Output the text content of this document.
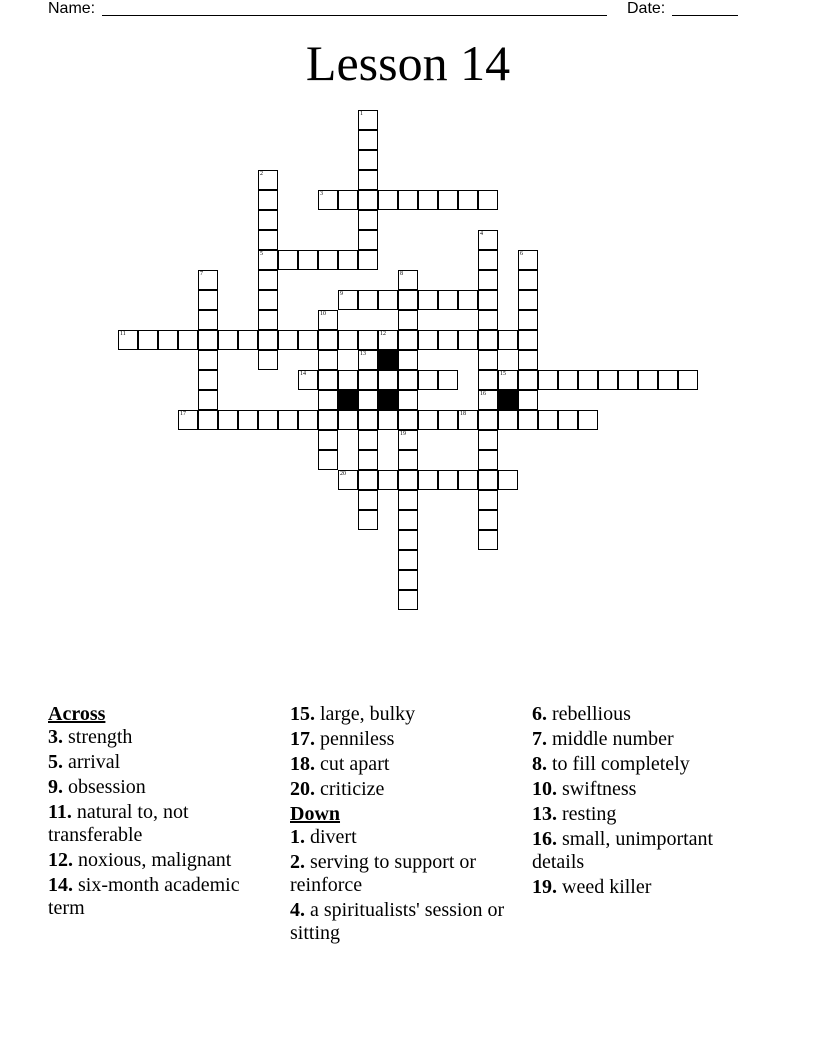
Name:	Date:
Lesson 14
1
2
5
3
4
16
6
7	8
19
9
10
11	12
13
14	15
17	18
20
Across
3. strength
5. arrival
9. obsession
11. natural to, not transferable
12. noxious, malignant
14. six-month academic term
15. large, bulky
17. penniless
18. cut apart
20. criticize
Down
1. divert
2. serving to support or reinforce
4. a spiritualists' session or sitting
6. rebellious
7. middle number
8. to fill completely
10. swiftness
13. resting
16. small, unimportant details
19. weed killer
